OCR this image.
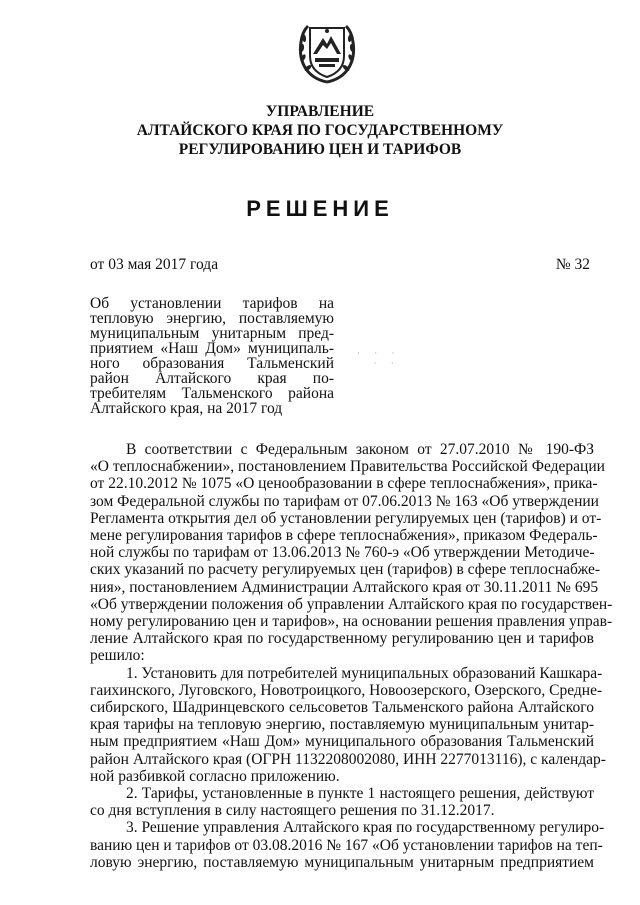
УПРАВЛЕНИЕ
АЛТАЙСКОГО КРАЯ ПО ГОСУДАРСТВЕННОМУ
РЕГУЛИРОВАНИЮ ЦЕН И ТАРИФОВ
РЕШЕНИЕ
от 03 мая 2017 года	№ 32
Об установлении тарифов на
тепловую энергию, поставляемую
муниципальным унитарным пред-
приятием «Наш Дом» муниципаль-
ного образования Тальменский
район Алтайского края по-
требителям Тальменского района
Алтайского края, на 2017 год
· · ·
· ·
В соответствии с Федеральным законом от 27.07.2010 № 190-ФЗ
«О теплоснабжении», постановлением Правительства Российской Федерации
от 22.10.2012 № 1075 «О ценообразовании в сфере теплоснабжения», прика-
зом Федеральной службы по тарифам от 07.06.2013 № 163 «Об утверждении
Регламента открытия дел об установлении регулируемых цен (тарифов) и от-
мене регулирования тарифов в сфере теплоснабжения», приказом Федераль-
ной службы по тарифам от 13.06.2013 № 760-э «Об утверждении Методиче-
ских указаний по расчету регулируемых цен (тарифов) в сфере теплоснабже-
ния», постановлением Администрации Алтайского края от 30.11.2011 № 695
«Об утверждении положения об управлении Алтайского края по государствен-
ному регулированию цен и тарифов», на основании решения правления управ-
ление Алтайского края по государственному регулированию цен и тарифов
решило:
1. Установить для потребителей муниципальных образований Кашкара-
гаихинского, Луговского, Новотроицкого, Новоозерского, Озерского, Средне-
сибирского, Шадринцевского сельсоветов Тальменского района Алтайского
края тарифы на тепловую энергию, поставляемую муниципальным унитар-
ным предприятием «Наш Дом» муниципального образования Тальменский
район Алтайского края (ОГРН 1132208002080, ИНН 2277013116), с календар-
ной разбивкой согласно приложению.
2. Тарифы, установленные в пункте 1 настоящего решения, действуют
со дня вступления в силу настоящего решения по 31.12.2017.
3. Решение управления Алтайского края по государственному регулиро-
ванию цен и тарифов от 03.08.2016 № 167 «Об установлении тарифов на теп-
ловую энергию, поставляемую муниципальным унитарным предприятием
